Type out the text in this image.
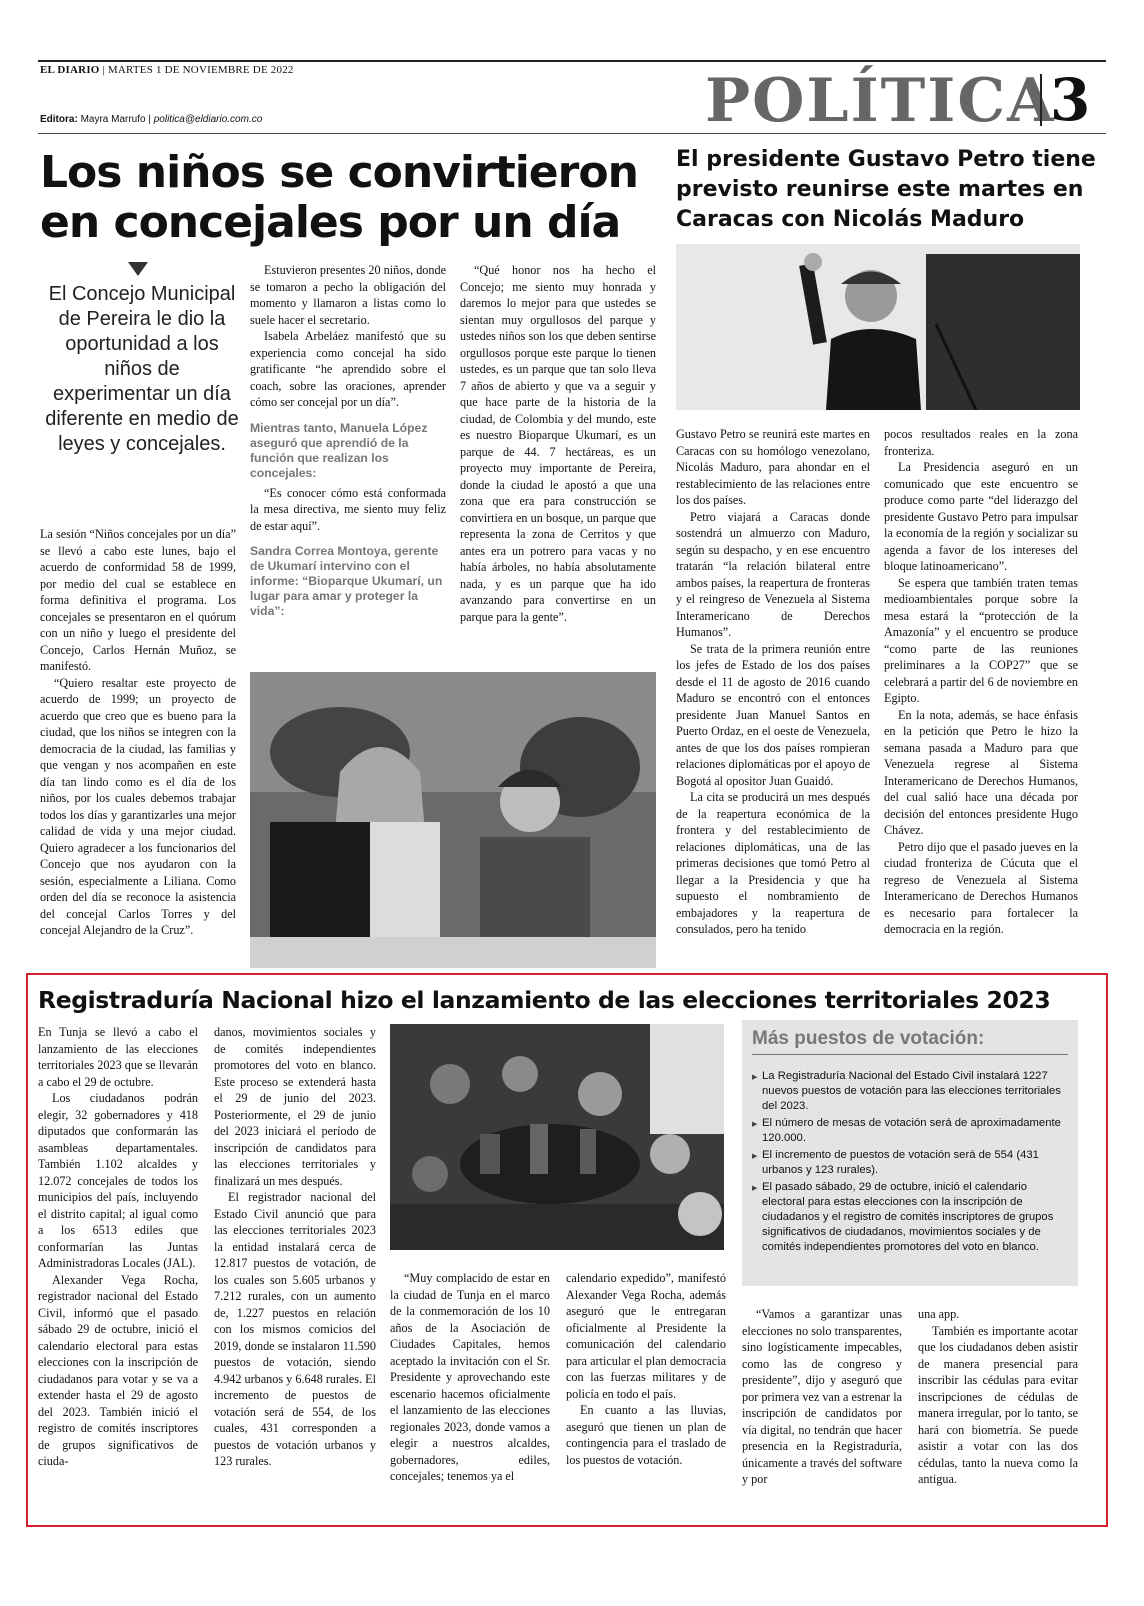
EL DIARIO | MARTES 1 DE NOVIEMBRE DE 2022
Editora: Mayra Marrufo | politica@eldiario.com.co	POLÍTICA
3
Los niños se convirtieron en concejales por un día
El Concejo Municipal de Pereira le dio la oportunidad a los niños de experimentar un día diferente en medio de leyes y concejales.

La sesión “Niños concejales por un día” se llevó a cabo este lunes, bajo el acuerdo de conformidad 58 de 1999, por medio del cual se establece en forma definitiva el programa. Los concejales se presentaron en el quórum con un niño y luego el presidente del Concejo, Carlos Hernán Muñoz, se manifestó.

“Quiero resaltar este proyecto de acuerdo de 1999; un proyecto de acuerdo que creo que es bueno para la ciudad, que los niños se integren con la democracia de la ciudad, las familias y que vengan y nos acompañen en este día tan lindo como es el día de los niños, por los cuales debemos trabajar todos los días y garantizarles una mejor calidad de vida y una mejor ciudad. Quiero agradecer a los funcionarios del Concejo que nos ayudaron con la sesión, especialmente a Liliana. Como orden del día se reconoce la asistencia del concejal Carlos Torres y del concejal Alejandro de la Cruz”.

Estuvieron presentes 20 niños, donde se tomaron a pecho la obligación del momento y llamaron a listas como lo suele hacer el secretario.

Isabela Arbeláez manifestó que su experiencia como concejal ha sido gratificante “he aprendido sobre el coach, sobre las oraciones, aprender cómo ser concejal por un día”.

Mientras tanto, Manuela López aseguró que aprendió de la función que realizan los concejales:

“Es conocer cómo está conformada la mesa directiva, me siento muy feliz de estar aquí”.

Sandra Correa Montoya, gerente de Ukumarí intervino con el informe: “Bioparque Ukumarí, un lugar para amar y proteger la vida”:

“Qué honor nos ha hecho el Concejo; me siento muy honrada y daremos lo mejor para que ustedes se sientan muy orgullosos del parque y ustedes niños son los que deben sentirse orgullosos porque este parque lo tienen ustedes, es un parque que tan solo lleva 7 años de abierto y que va a seguir y que hace parte de la historia de la ciudad, de Colombia y del mundo, este es nuestro Bioparque Ukumarí, es un parque de 44. 7 hectáreas, es un proyecto muy importante de Pereira, donde la ciudad le apostó a que una zona que era para construcción se convirtiera en un bosque, un parque que representa la zona de Cerritos y que antes era un potrero para vacas y no había árboles, no había absolutamente nada, y es un parque que ha ido avanzando para convertirse en un parque para la gente”.

El presidente Gustavo Petro tiene previsto reunirse este martes en Caracas con Nicolás Maduro

Gustavo Petro se reunirá este martes en Caracas con su homólogo venezolano, Nicolás Maduro, para ahondar en el restablecimiento de las relaciones entre los dos países.

Petro viajará a Caracas donde sostendrá un almuerzo con Maduro, según su despacho, y en ese encuentro tratarán “la relación bilateral entre ambos países, la reapertura de fronteras y el reingreso de Venezuela al Sistema Interamericano de Derechos Humanos”.

Se trata de la primera reunión entre los jefes de Estado de los dos países desde el 11 de agosto de 2016 cuando Maduro se encontró con el entonces presidente Juan Manuel Santos en Puerto Ordaz, en el oeste de Venezuela, antes de que los dos países rompieran relaciones diplomáticas por el apoyo de Bogotá al opositor Juan Guaidó.

La cita se producirá un mes después de la reapertura económica de la frontera y del restablecimiento de relaciones diplomáticas, una de las primeras decisiones que tomó Petro al llegar a la Presidencia y que ha supuesto el nombramiento de embajadores y la reapertura de consulados, pero ha tenido

pocos resultados reales en la zona fronteriza.

La Presidencia aseguró en un comunicado que este encuentro se produce como parte “del liderazgo del presidente Gustavo Petro para impulsar la economía de la región y socializar su agenda a favor de los intereses del bloque latinoamericano”.

Se espera que también traten temas medioambientales porque sobre la mesa estará la “protección de la Amazonía” y el encuentro se produce “como parte de las reuniones preliminares a la COP27” que se celebrará a partir del 6 de noviembre en Egipto.

En la nota, además, se hace énfasis en la petición que Petro le hizo la semana pasada a Maduro para que Venezuela regrese al Sistema Interamericano de Derechos Humanos, del cual salió hace una década por decisión del entonces presidente Hugo Chávez.

Petro dijo que el pasado jueves en la ciudad fronteriza de Cúcuta que el regreso de Venezuela al Sistema Interamericano de Derechos Humanos es necesario para fortalecer la democracia en la región.

Registraduría Nacional hizo el lanzamiento de las elecciones territoriales 2023

En Tunja se llevó a cabo el lanzamiento de las elecciones territoriales 2023 que se llevarán a cabo el 29 de octubre.

Los ciudadanos podrán elegir, 32 gobernadores y 418 diputados que conformarán las asambleas departamentales. También 1.102 alcaldes y 12.072 concejales de todos los municipios del país, incluyendo el distrito capital; al igual como a los 6513 ediles que conformarían las Juntas Administradoras Locales (JAL).

Alexander Vega Rocha, registrador nacional del Estado Civil, informó que el pasado sábado 29 de octubre, inició el calendario electoral para estas elecciones con la inscripción de ciudadanos para votar y se va a extender hasta el 29 de agosto del 2023. También inició el registro de comités inscriptores de grupos significativos de ciuda-

danos, movimientos sociales y de comités independientes promotores del voto en blanco. Este proceso se extenderá hasta el 29 de junio del 2023. Posteriormente, el 29 de junio del 2023 iniciará el período de inscripción de candidatos para las elecciones territoriales y finalizará un mes después.

El registrador nacional del Estado Civil anunció que para las elecciones territoriales 2023 la entidad instalará cerca de 12.817 puestos de votación, de los cuales son 5.605 urbanos y 7.212 rurales, con un aumento de, 1.227 puestos en relación con los mismos comicios del 2019, donde se instalaron 11.590 puestos de votación, siendo 4.942 urbanos y 6.648 rurales. El incremento de puestos de votación será de 554, de los cuales, 431 corresponden a puestos de votación urbanos y 123 rurales.

“Muy complacido de estar en la ciudad de Tunja en el marco de la conmemoración de los 10 años de la Asociación de Ciudades Capitales, hemos aceptado la invitación con el Sr. Presidente y aprovechando este escenario hacemos oficialmente el lanzamiento de las elecciones regionales 2023, donde vamos a elegir a nuestros alcaldes, gobernadores, ediles, concejales; tenemos ya el

calendario expedido”, manifestó Alexander Vega Rocha, además aseguró que le entregaran oficialmente al Presidente la comunicación del calendario para articular el plan democracia con las fuerzas militares y de policía en todo el país.

En cuanto a las lluvias, aseguró que tienen un plan de contingencia para el traslado de los puestos de votación.

Más puestos de votación:
▶ La Registraduría Nacional del Estado Civil instalará 1227 nuevos puestos de votación para las elecciones territoriales del 2023.
▶ El número de mesas de votación será de aproximadamente 120.000.
▶ El incremento de puestos de votación será de 554 (431 urbanos y 123 rurales).
▶ El pasado sábado, 29 de octubre, inició el calendario electoral para estas elecciones con la inscripción de ciudadanos y el registro de comités inscriptores de grupos significativos de ciudadanos, movimientos sociales y de comités independientes promotores del voto en blanco.

“Vamos a garantizar unas elecciones no solo transparentes, sino logísticamente impecables, como las de congreso y presidente”, dijo y aseguró que por primera vez van a estrenar la inscripción de candidatos por vía digital, no tendrán que hacer presencia en la Registraduría, únicamente a través del software y por

una app.

También es importante acotar que los ciudadanos deben asistir de manera presencial para inscribir las cédulas para evitar inscripciones de cédulas de manera irregular, por lo tanto, se hará con biometría. Se puede asistir a votar con las dos cédulas, tanto la nueva como la antigua.
